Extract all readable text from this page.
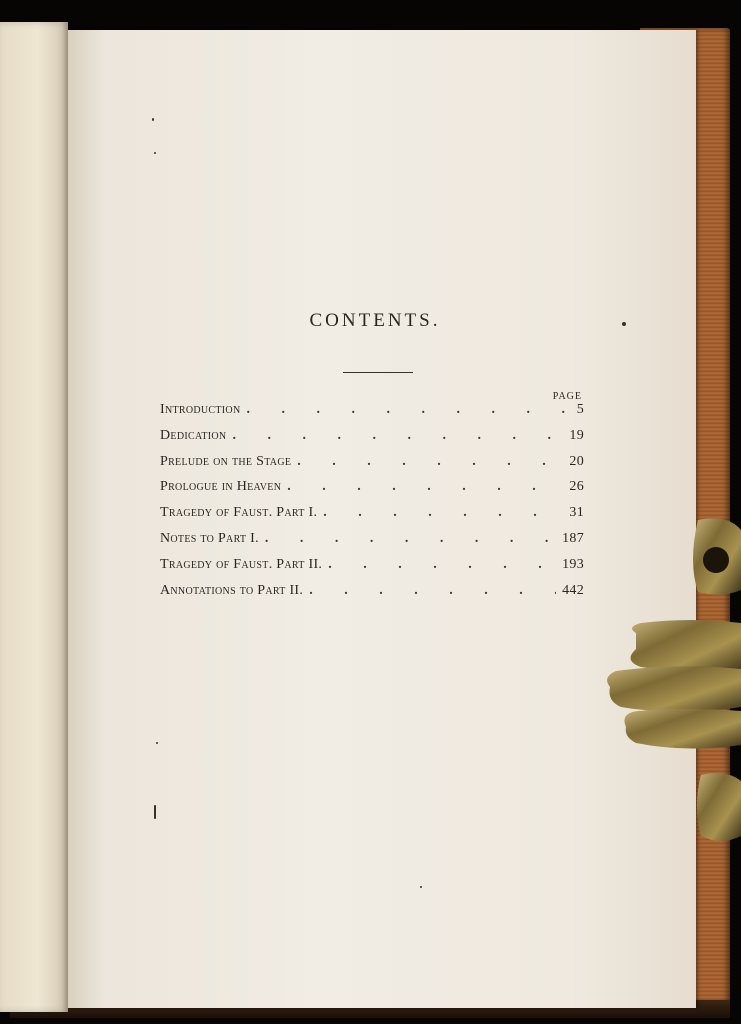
CONTENTS.
PAGE
Introduction . . .	5
Dedication . . .	19
Prelude on the Stage . . .	20
Prologue in Heaven . . .	26
Tragedy of Faust. Part I. . . .	31
Notes to Part I. . . .	187
Tragedy of Faust. Part II. . . .	193
Annotations to Part II. . . .	442
